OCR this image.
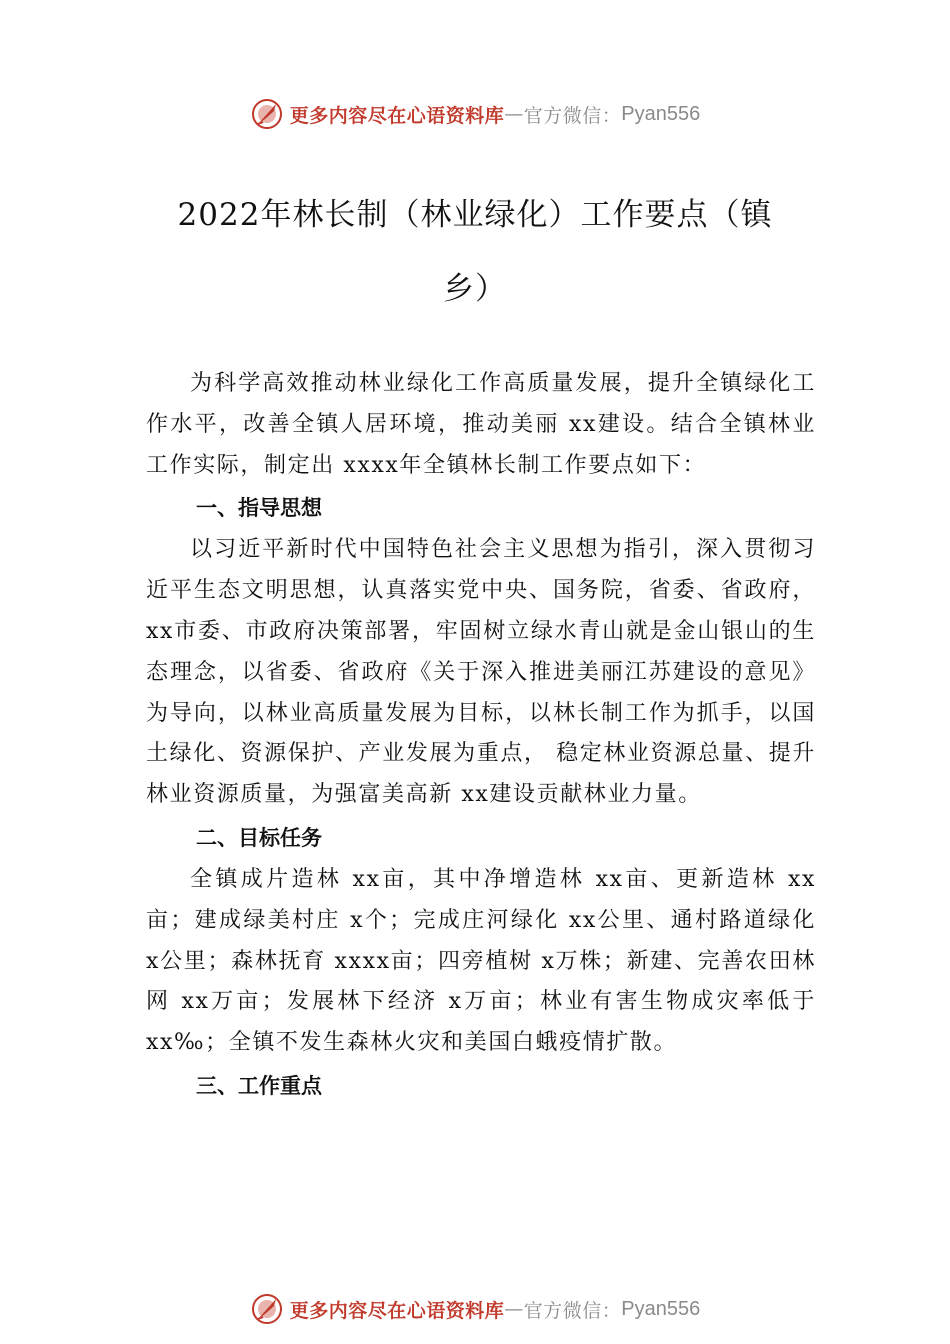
更多内容尽在心语资料库 — 官方微信： Pyan556
2022年林长制（林业绿化）工作要点（镇
乡）

为科学高效推动林业绿化工作高质量发展，提升全镇绿化工作水平，改善全镇人居环境，推动美丽 xx建设。结合全镇林业工作实际，制定出 xxxx年全镇林长制工作要点如下：

一、指导思想

以习近平新时代中国特色社会主义思想为指引，深入贯彻习近平生态文明思想，认真落实党中央、国务院，省委、省政府，xx市委、市政府决策部署，牢固树立绿水青山就是金山银山的生态理念，以省委、省政府《关于深入推进美丽江苏建设的意见》为导向，以林业高质量发展为目标，以林长制工作为抓手，以国土绿化、资源保护、产业发展为重点， 稳定林业资源总量、提升林业资源质量，为强富美高新 xx建设贡献林业力量。

二、目标任务

全镇成片造林 xx亩，其中净增造林 xx亩、更新造林 xx亩；建成绿美村庄 x个；完成庄河绿化 xx公里、通村路道绿化 x公里；森林抚育 xxxx亩；四旁植树 x万株；新建、完善农田林网 xx万亩；发展林下经济 x万亩；林业有害生物成灾率低于 xx‰；全镇不发生森林火灾和美国白蛾疫情扩散。

三、工作重点

更多内容尽在心语资料库 — 官方微信： Pyan556
